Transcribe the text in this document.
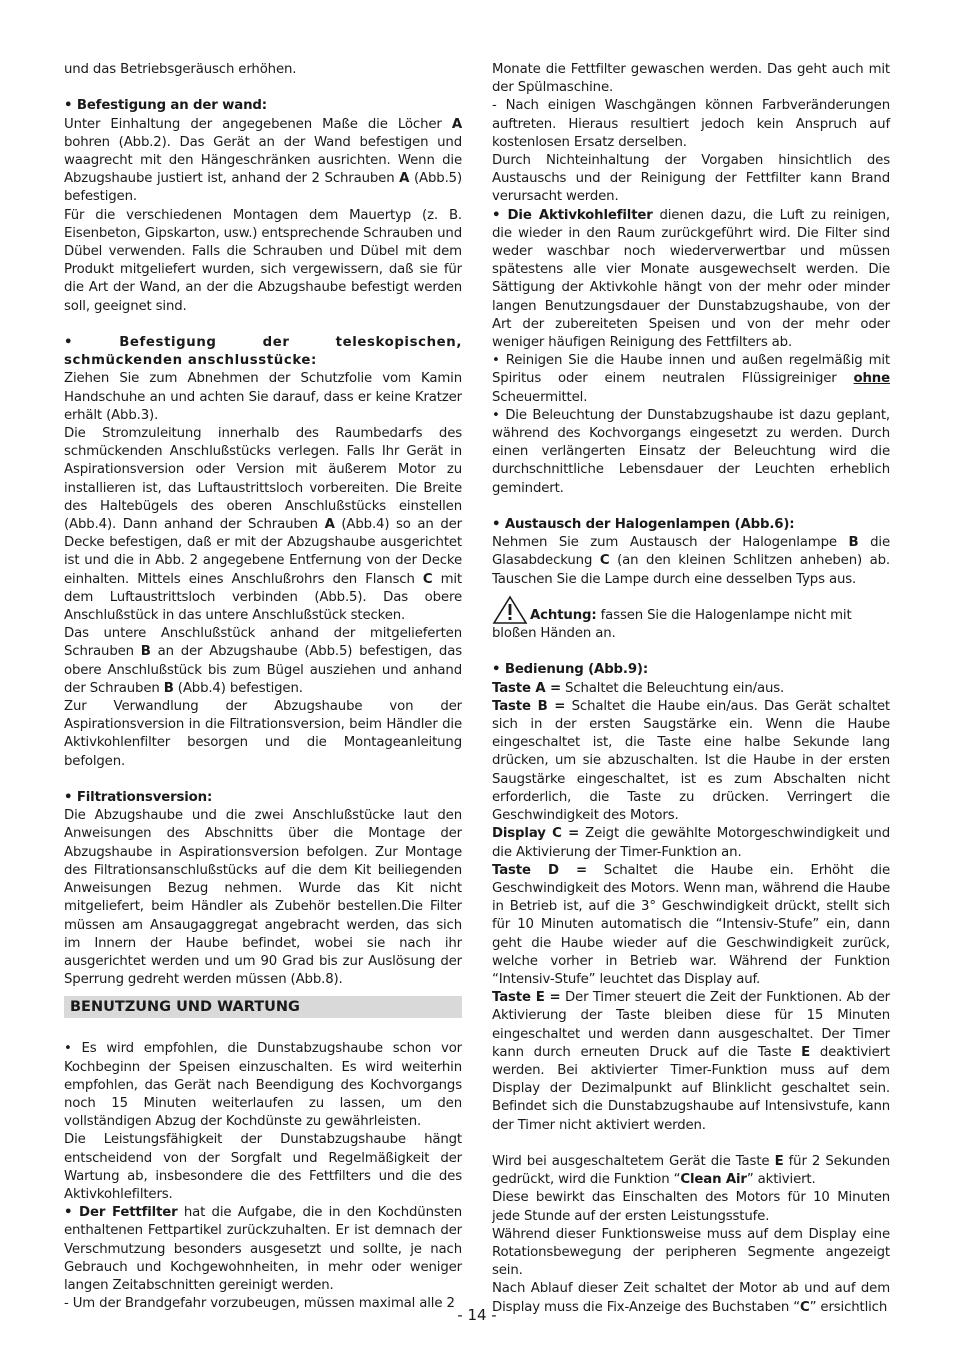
und das Betriebsgeräusch erhöhen.

• Befestigung an der wand:

Unter Einhaltung der angegebenen Maße die Löcher A bohren (Abb.2). Das Gerät an der Wand befestigen und waagrecht mit den Hängeschränken ausrichten. Wenn die Abzugshaube justiert ist, anhand der 2 Schrauben A (Abb.5) befestigen.

Für die verschiedenen Montagen dem Mauertyp (z. B. Eisenbeton, Gipskarton, usw.) entsprechende Schrauben und Dübel verwenden. Falls die Schrauben und Dübel mit dem Produkt mitgeliefert wurden, sich vergewissern, daß sie für die Art der Wand, an der die Abzugshaube befestigt werden soll, geeignet sind.

• Befestigung der teleskopischen, schmückenden anschlusstücke:

Ziehen Sie zum Abnehmen der Schutzfolie vom Kamin Handschuhe an und achten Sie darauf, dass er keine Kratzer erhält (Abb.3).

Die Stromzuleitung innerhalb des Raumbedarfs des schmückenden Anschlußstücks verlegen. Falls Ihr Gerät in Aspirationsversion oder Version mit äußerem Motor zu installieren ist, das Luftaustrittsloch vorbereiten. Die Breite des Haltebügels des oberen Anschlußstücks einstellen (Abb.4). Dann anhand der Schrauben A (Abb.4) so an der Decke befestigen, daß er mit der Abzugshaube ausgerichtet ist und die in Abb. 2 angegebene Entfernung von der Decke einhalten. Mittels eines Anschlußrohrs den Flansch C mit dem Luftaustrittsloch verbinden (Abb.5). Das obere Anschlußstück in das untere Anschlußstück stecken.

Das untere Anschlußstück anhand der mitgelieferten Schrauben B an der Abzugshaube (Abb.5) befestigen, das obere Anschlußstück bis zum Bügel ausziehen und anhand der Schrauben B (Abb.4) befestigen.

Zur Verwandlung der Abzugshaube von der Aspirationsversion in die Filtrationsversion, beim Händler die Aktivkohlenfilter besorgen und die Montageanleitung befolgen.

• Filtrationsversion:

Die Abzugshaube und die zwei Anschlußstücke laut den Anweisungen des Abschnitts über die Montage der Abzugshaube in Aspirationsversion befolgen. Zur Montage des Filtrationsanschlußstücks auf die dem Kit beiliegenden Anweisungen Bezug nehmen. Wurde das Kit nicht mitgeliefert, beim Händler als Zubehör bestellen.Die Filter müssen am Ansaugaggregat angebracht werden, das sich im Innern der Haube befindet, wobei sie nach ihr ausgerichtet werden und um 90 Grad bis zur Auslösung der Sperrung gedreht werden müssen (Abb.8).

BENUTZUNG UND WARTUNG

• Es wird empfohlen, die Dunstabzugshaube schon vor Kochbeginn der Speisen einzuschalten. Es wird weiterhin empfohlen, das Gerät nach Beendigung des Kochvorgangs noch 15 Minuten weiterlaufen zu lassen, um den vollständigen Abzug der Kochdünste zu gewährleisten.

Die Leistungsfähigkeit der Dunstabzugshaube hängt entscheidend von der Sorgfalt und Regelmäßigkeit der Wartung ab, insbesondere die des Fettfilters und die des Aktivkohlefilters.

• Der Fettfilter hat die Aufgabe, die in den Kochdünsten enthaltenen Fettpartikel zurückzuhalten. Er ist demnach der Verschmutzung besonders ausgesetzt und sollte, je nach Gebrauch und Kochgewohnheiten, in mehr oder weniger langen Zeitabschnitten gereinigt werden.

- Um der Brandgefahr vorzubeugen, müssen maximal alle 2

Monate die Fettfilter gewaschen werden. Das geht auch mit der Spülmaschine.

- Nach einigen Waschgängen können Farbveränderungen auftreten. Hieraus resultiert jedoch kein Anspruch auf kostenlosen Ersatz derselben.

Durch Nichteinhaltung der Vorgaben hinsichtlich des Austauschs und der Reinigung der Fettfilter kann Brand verursacht werden.

• Die Aktivkohlefilter dienen dazu, die Luft zu reinigen, die wieder in den Raum zurückgeführt wird. Die Filter sind weder waschbar noch wiederverwertbar und müssen spätestens alle vier Monate ausgewechselt werden. Die Sättigung der Aktivkohle hängt von der mehr oder minder langen Benutzungsdauer der Dunstabzugshaube, von der Art der zubereiteten Speisen und von der mehr oder weniger häufigen Reinigung des Fettfilters ab.

• Reinigen Sie die Haube innen und außen regelmäßig mit Spiritus oder einem neutralen Flüssigreiniger ohne Scheuermittel.

• Die Beleuchtung der Dunstabzugshaube ist dazu geplant, während des Kochvorgangs eingesetzt zu werden. Durch einen verlängerten Einsatz der Beleuchtung wird die durchschnittliche Lebensdauer der Leuchten erheblich gemindert.

• Austausch der Halogenlampen (Abb.6):

Nehmen Sie zum Austausch der Halogenlampe B die Glasabdeckung C (an den kleinen Schlitzen anheben) ab. Tauschen Sie die Lampe durch eine desselben Typs aus.

Achtung: fassen Sie die Halogenlampe nicht mit bloßen Händen an.

• Bedienung (Abb.9):

Taste A = Schaltet die Beleuchtung ein/aus.

Taste B = Schaltet die Haube ein/aus. Das Gerät schaltet sich in der ersten Saugstärke ein. Wenn die Haube eingeschaltet ist, die Taste eine halbe Sekunde lang drücken, um sie abzuschalten. Ist die Haube in der ersten Saugstärke eingeschaltet, ist es zum Abschalten nicht erforderlich, die Taste zu drücken. Verringert die Geschwindigkeit des Motors.

Display C = Zeigt die gewählte Motorgeschwindigkeit und die Aktivierung der Timer-Funktion an.

Taste D = Schaltet die Haube ein. Erhöht die Geschwindigkeit des Motors. Wenn man, während die Haube in Betrieb ist, auf die 3° Geschwindigkeit drückt, stellt sich für 10 Minuten automatisch die “Intensiv-Stufe” ein, dann geht die Haube wieder auf die Geschwindigkeit zurück, welche vorher in Betrieb war. Während der Funktion “Intensiv-Stufe” leuchtet das Display auf.

Taste E = Der Timer steuert die Zeit der Funktionen. Ab der Aktivierung der Taste bleiben diese für 15 Minuten eingeschaltet und werden dann ausgeschaltet. Der Timer kann durch erneuten Druck auf die Taste E deaktiviert werden. Bei aktivierter Timer-Funktion muss auf dem Display der Dezimalpunkt auf Blinklicht geschaltet sein. Befindet sich die Dunstabzugshaube auf Intensivstufe, kann der Timer nicht aktiviert werden.

Wird bei ausgeschaltetem Gerät die Taste E für 2 Sekunden gedrückt, wird die Funktion “Clean Air” aktiviert.

Diese bewirkt das Einschalten des Motors für 10 Minuten jede Stunde auf der ersten Leistungsstufe.

Während dieser Funktionsweise muss auf dem Display eine Rotationsbewegung der peripheren Segmente angezeigt sein.

Nach Ablauf dieser Zeit schaltet der Motor ab und auf dem Display muss die Fix-Anzeige des Buchstaben “C” ersichtlich

- 14 -
